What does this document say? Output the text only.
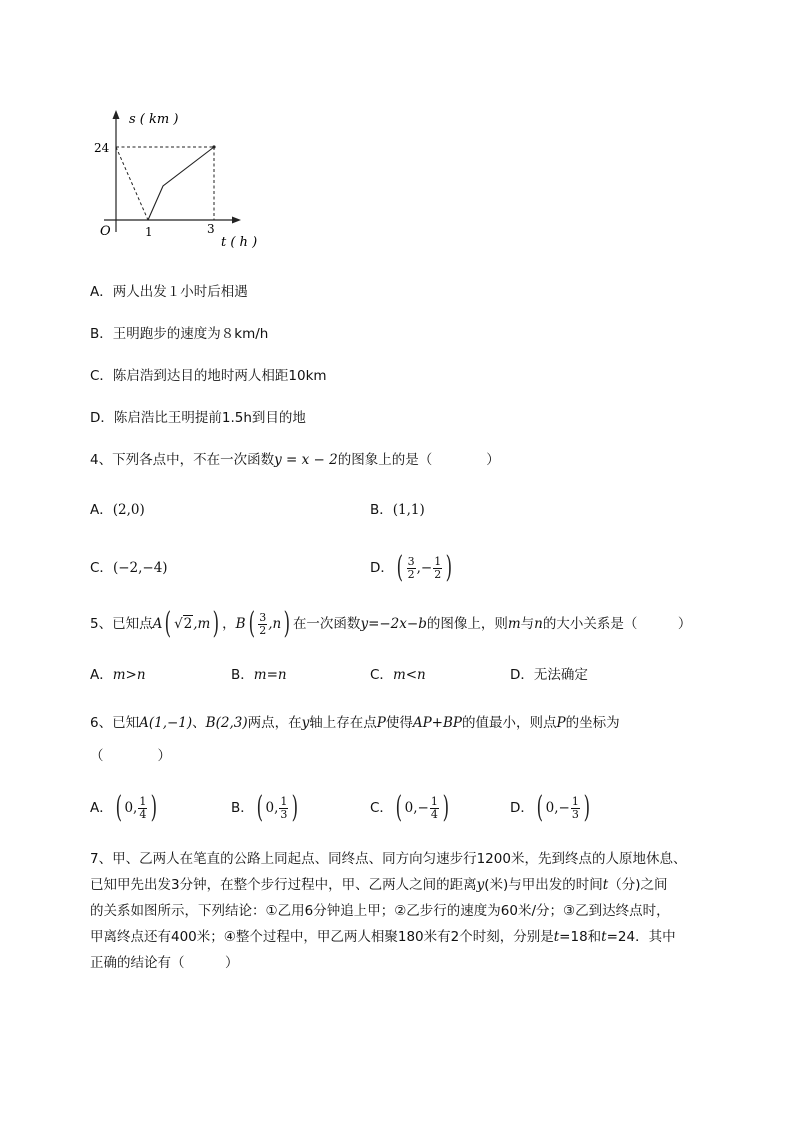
s ( km )
24
O	1	3
t ( h )
A．两人出发１小时后相遇
B．王明跑步的速度为８km/h
C．陈启浩到达目的地时两人相距10km
D．陈启浩比王明提前1.5h到目的地
4、下列各点中，不在一次函数y = x − 2的图象上的是（　　　　）
A．(2,0)	B．(1,1)
C．(−2,−4)	D． ( $\frac{3}{2}$ ,− $\frac{1}{2}$ )
5、已知点A ( √2 ,m ) ，B ( $\frac{3}{2} ,n$ ) 在一次函数y=−2x−b的图像上，则m与n的大小关系是（　　　）
A．m>n	B．m=n	C．m<n	D．无法确定
6、已知A(1,−1)、B(2,3)两点，在y轴上存在点P使得AP+BP的值最小，则点P的坐标为
（　　　　）
A． ( 0, $\frac{1}{4}$ )	B． ( 0, $\frac{1}{3}$ )	C． ( $0,- \frac{1}{4}$ )	D． ( $0,- \frac{1}{3}$ )
7、甲、乙两人在笔直的公路上同起点、同终点、同方向匀速步行1200米，先到终点的人原地休息、
已知甲先出发3分钟，在整个步行过程中，甲、乙两人之间的距离y(米)与甲出发的时间t（分)之间
的关系如图所示，下列结论：①乙用6分钟追上甲；②乙步行的速度为60米/分；③乙到达终点时，
甲离终点还有400米；④整个过程中，甲乙两人相聚180米有2个时刻，分别是t=18和t=24．其中
正确的结论有（　　　）
